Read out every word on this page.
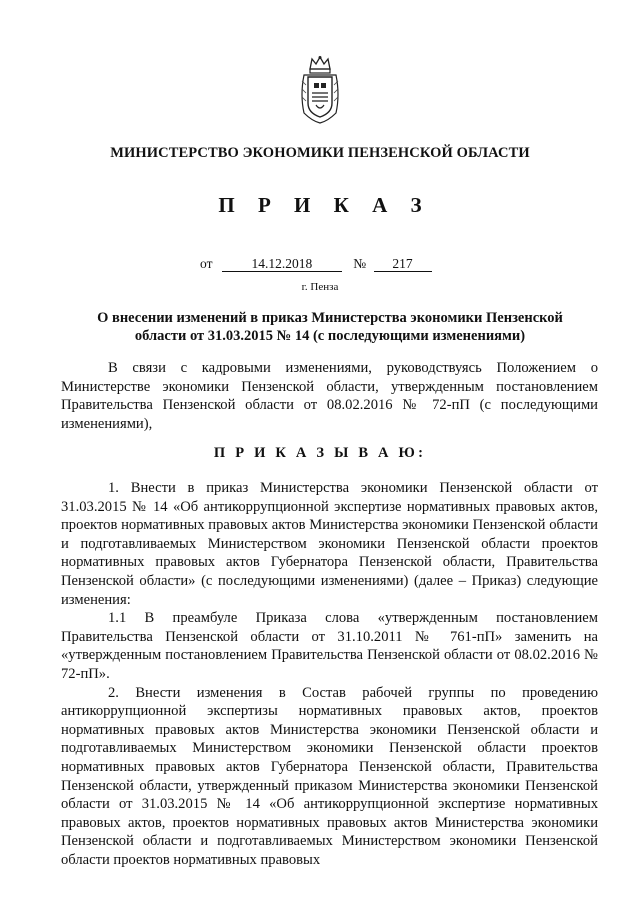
МИНИСТЕРСТВО ЭКОНОМИКИ ПЕНЗЕНСКОЙ ОБЛАСТИ
П Р И К А З
от	14.12.2018	№ 217
г. Пенза
О внесении изменений в приказ Министерства экономики Пензенской области от 31.03.2015 № 14 (с последующими изменениями)

В связи с кадровыми изменениями, руководствуясь Положением о Министерстве экономики Пензенской области, утвержденным постановлением Правительства Пензенской области от 08.02.2016 № 72-пП (с последующими изменениями),

П Р И К А З Ы В А Ю:

1. Внести в приказ Министерства экономики Пензенской области от 31.03.2015 № 14 «Об антикоррупционной экспертизе нормативных правовых актов, проектов нормативных правовых актов Министерства экономики Пензенской области и подготавливаемых Министерством экономики Пензенской области проектов нормативных правовых актов Губернатора Пензенской области, Правительства Пензенской области» (с последующими изменениями) (далее – Приказ) следующие изменения:

1.1 В преамбуле Приказа слова «утвержденным постановлением Правительства Пензенской области от 31.10.2011 № 761-пП» заменить на «утвержденным постановлением Правительства Пензенской области от 08.02.2016 № 72-пП».

2. Внести изменения в Состав рабочей группы по проведению антикоррупционной экспертизы нормативных правовых актов, проектов нормативных правовых актов Министерства экономики Пензенской области и подготавливаемых Министерством экономики Пензенской области проектов нормативных правовых актов Губернатора Пензенской области, Правительства Пензенской области, утвержденный приказом Министерства экономики Пензенской области от 31.03.2015 № 14 «Об антикоррупционной экспертизе нормативных правовых актов, проектов нормативных правовых актов Министерства экономики Пензенской области и подготавливаемых Министерством экономики Пензенской области проектов нормативных правовых
